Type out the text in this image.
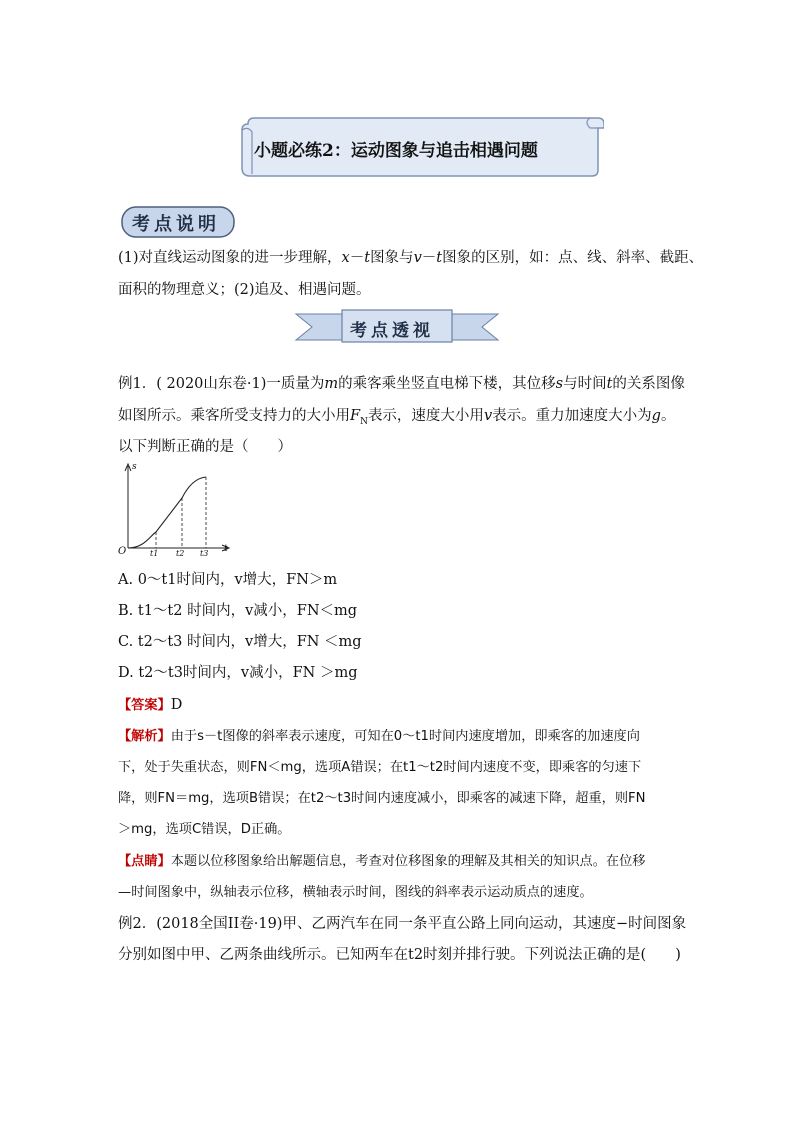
小题必练2：运动图象与追击相遇问题
考点说明
(1)对直线运动图象的进一步理解，x－t图象与v－t图象的区别，如：点、线、斜率、截距、
面积的物理意义；(2)追及、相遇问题。
考点透视
例1．( 2020山东卷·1)一质量为m的乘客乘坐竖直电梯下楼，其位移s与时间t的关系图像
如图所示。乘客所受支持力的大小用$F_N$表示，速度大小用v表示。重力加速度大小为g。
以下判断正确的是（　　）
s
t
O	t1 t2 t3
A. 0～t1时间内，v增大，FN＞m
B. t1～t2 时间内，v减小，FN＜mg
C. t2～t3 时间内，v增大，FN ＜mg
D. t2～t3时间内，v减小，FN ＞mg
【答案】D
【解析】由于s－t图像的斜率表示速度，可知在0～t1时间内速度增加，即乘客的加速度向
下，处于失重状态，则FN＜mg，选项A错误；在t1～t2时间内速度不变，即乘客的匀速下
降，则FN＝mg，选项B错误；在t2～t3时间内速度减小，即乘客的减速下降，超重，则FN
＞mg，选项C错误，D正确。
【点睛】本题以位移图象给出解题信息，考查对位移图象的理解及其相关的知识点。在位移
—时间图象中，纵轴表示位移，横轴表示时间，图线的斜率表示运动质点的速度。
例2．(2018全国II卷·19)甲、乙两汽车在同一条平直公路上同向运动，其速度−时间图象
分别如图中甲、乙两条曲线所示。已知两车在t2时刻并排行驶。下列说法正确的是(　　)
